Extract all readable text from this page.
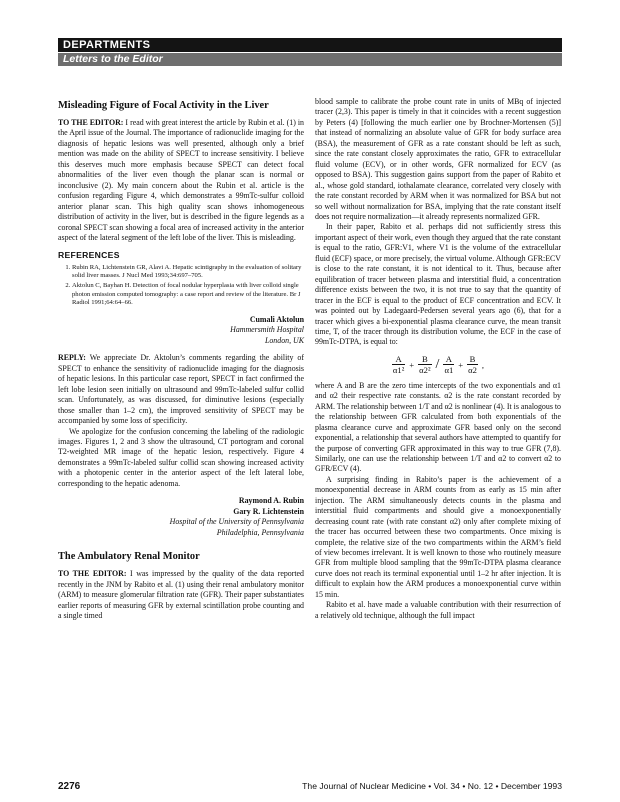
DEPARTMENTS
Letters to the Editor
Misleading Figure of Focal Activity in the Liver

TO THE EDITOR: I read with great interest the article by Rubin et al. (1) in the April issue of the Journal. The importance of radionuclide imaging for the diagnosis of hepatic lesions was well presented, although only a brief mention was made on the ability of SPECT to increase sensitivity. I believe this deserves much more emphasis because SPECT can detect focal abnormalities of the liver even though the planar scan is normal or inconclusive (2). My main concern about the Rubin et al. article is the confusion regarding Figure 4, which demonstrates a 99mTc-sulfur colloid anterior planar scan. This high quality scan shows inhomogeneous distribution of activity in the liver, but is described in the figure legends as a coronal SPECT scan showing a focal area of increased activity in the anterior aspect of the lateral segment of the left lobe of the liver. This is misleading.

REFERENCES
1. Rubin RA, Lichtenstein GR, Alavi A. Hepatic scintigraphy in the evaluation of solitary solid liver masses. J Nucl Med 1993;34:697–705.
2. Aktolun C, Bayhan H. Detection of focal nodular hyperplasia with liver colloid single photon emission computed tomography: a case report and review of the literature. Br J Radiol 1991;64:64–66.
Cumali Aktolun
Hammersmith Hospital
London, UK

REPLY: We appreciate Dr. Aktolun’s comments regarding the ability of SPECT to enhance the sensitivity of radionuclide imaging for the diagnosis of hepatic lesions. In this particular case report, SPECT in fact confirmed the left lobe lesion seen initially on ultrasound and 99mTc-labeled sulfur collid scan. Unfortunately, as was discussed, for diminutive lesions (especially those smaller than 1–2 cm), the improved sensitivity of SPECT may be accompanied by some loss of specificity.

We apologize for the confusion concerning the labeling of the radiologic images. Figures 1, 2 and 3 show the ultrasound, CT portogram and coronal T2-weighted MR image of the hepatic lesion, respectively. Figure 4 demonstrates a 99mTc-labeled sulfur collid scan showing increased activity with a photopenic center in the anterior aspect of the left lateral lobe, corresponding to the hepatic adenoma.

Raymond A. Rubin
Gary R. Lichtenstein
Hospital of the University of Pennsylvania
Philadelphia, Pennsylvania
The Ambulatory Renal Monitor

TO THE EDITOR: I was impressed by the quality of the data reported recently in the JNM by Rabito et al. (1) using their renal ambulatory monitor (ARM) to measure glomerular filtration rate (GFR). Their paper substantiates earlier reports of measuring GFR by external scintillation probe counting and a single timed

blood sample to calibrate the probe count rate in units of MBq of injected tracer (2,3). This paper is timely in that it coincides with a recent suggestion by Peters (4) [following the much earlier one by Brochner-Mortensen (5)] that instead of normalizing an absolute value of GFR for body surface area (BSA), the measurement of GFR as a rate constant should be left as such, since the rate constant closely approximates the ratio, GFR to extracellular fluid volume (ECV), or in other words, GFR normalized for ECV (as opposed to BSA). This suggestion gains support from the paper of Rabito et al., whose gold standard, iothalamate clearance, correlated very closely with the rate constant recorded by ARM when it was normalized for BSA but not so well without normalization for BSA, implying that the rate constant itself does not require normalization—it already represents normalized GFR.

In their paper, Rabito et al. perhaps did not sufficiently stress this important aspect of their work, even though they argued that the rate constant is equal to the ratio, GFR:V1, where V1 is the volume of the extracellular fluid (ECF) space, or more precisely, the virtual volume. Although GFR:ECV is close to the rate constant, it is not identical to it. Thus, because after equilibration of tracer between plasma and interstitial fluid, a concentration difference exists between the two, it is not true to say that the quantity of tracer in the ECF is equal to the product of ECF concentration and ECV. It was pointed out by Ladegaard-Pedersen several years ago (6), that for a tracer which gives a bi-exponential plasma clearance curve, the mean transit time, T, of the tracer through its distribution volume, the ECF in the case of 99mTc-DTPA, is equal to:

$\frac{A}{\text{α1²}} + \frac{B}{\text{α2²}} / \frac{A}{\alpha 1} + \frac{B}{\alpha 2}$ ,

where A and B are the zero time intercepts of the two exponentials and α1 and α2 their respective rate constants. α2 is the rate constant recorded by ARM. The relationship between 1/T and α2 is nonlinear (4). It is analogous to the relationship between GFR calculated from both exponentials of the plasma clearance curve and approximate GFR based only on the second exponential, a relationship that several authors have attempted to quantify for the purpose of converting GFR approximated in this way to true GFR (7,8). Similarly, one can use the relationship between 1/T and α2 to convert α2 to GFR/ECV (4).

A surprising finding in Rabito’s paper is the achievement of a monoexponential decrease in ARM counts from as early as 15 min after injection. The ARM simultaneously detects counts in the plasma and interstitial fluid compartments and should give a monoexponentially decreasing count rate (with rate constant α2) only after complete mixing of the tracer has occurred between these two compartments. Once mixing is complete, the relative size of the two compartments within the ARM’s field of view becomes irrelevant. It is well known to those who routinely measure GFR from multiple blood sampling that the 99mTc-DTPA plasma clearance curve does not reach its terminal exponential until 1–2 hr after injection. It is difficult to explain how the ARM produces a monoexponential curve within 15 min.

Rabito et al. have made a valuable contribution with their resurrection of a relatively old technique, although the full impact

2276	The Journal of Nuclear Medicine • Vol. 34 • No. 12 • December 1993
